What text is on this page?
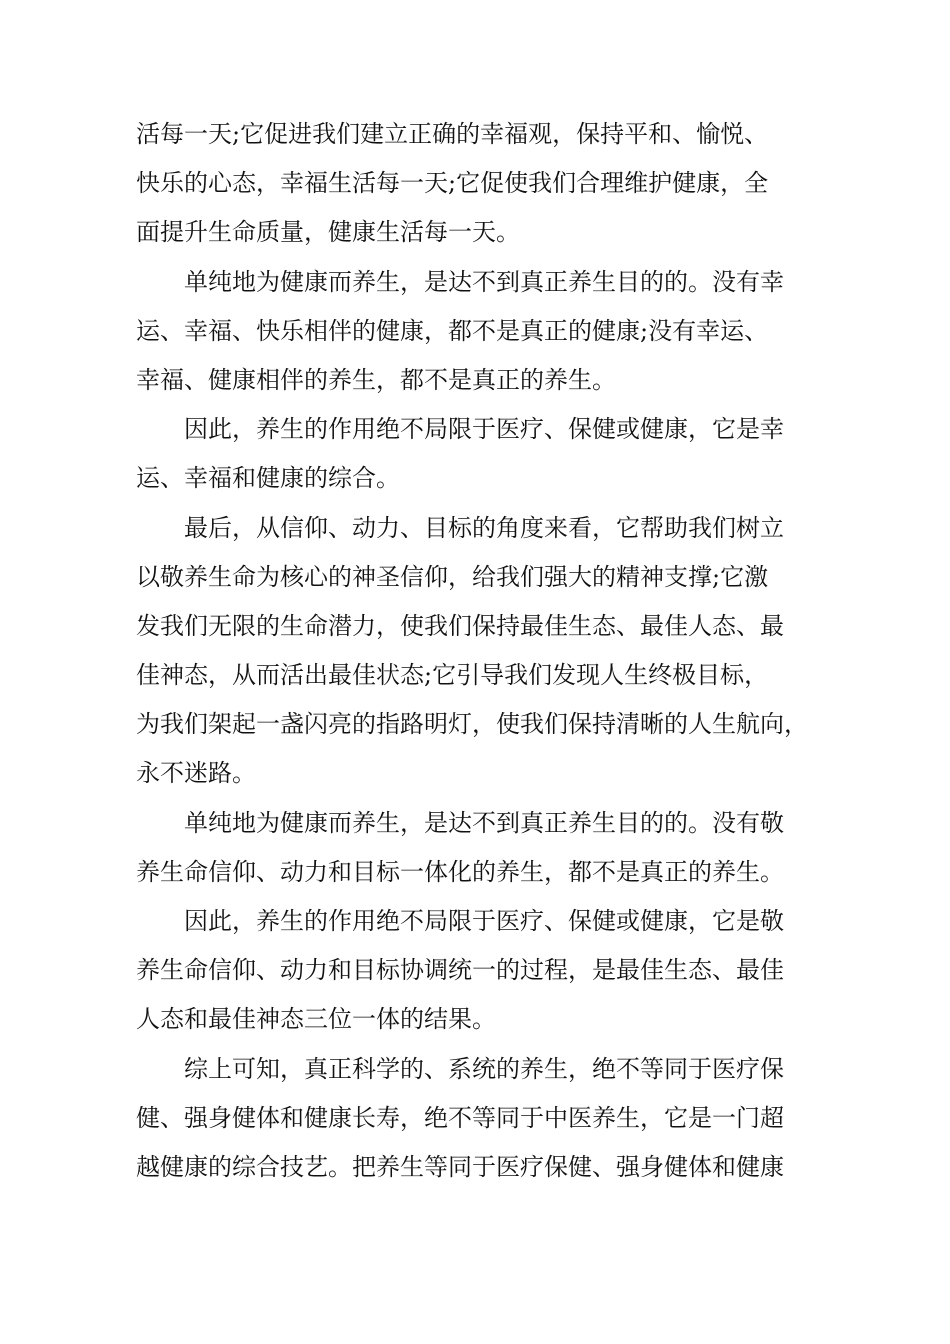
活每一天;它促进我们建立正确的幸福观，保持平和、愉悦、
快乐的心态，幸福生活每一天;它促使我们合理维护健康，全
面提升生命质量，健康生活每一天。
单纯地为健康而养生，是达不到真正养生目的的。没有幸
运、幸福、快乐相伴的健康，都不是真正的健康;没有幸运、
幸福、健康相伴的养生，都不是真正的养生。
因此，养生的作用绝不局限于医疗、保健或健康，它是幸
运、幸福和健康的综合。
最后，从信仰、动力、目标的角度来看，它帮助我们树立
以敬养生命为核心的神圣信仰，给我们强大的精神支撑;它激
发我们无限的生命潜力，使我们保持最佳生态、最佳人态、最
佳神态，从而活出最佳状态;它引导我们发现人生终极目标，
为我们架起一盏闪亮的指路明灯，使我们保持清晰的人生航向，
永不迷路。
单纯地为健康而养生，是达不到真正养生目的的。没有敬
养生命信仰、动力和目标一体化的养生，都不是真正的养生。
因此，养生的作用绝不局限于医疗、保健或健康，它是敬
养生命信仰、动力和目标协调统一的过程，是最佳生态、最佳
人态和最佳神态三位一体的结果。
综上可知，真正科学的、系统的养生，绝不等同于医疗保
健、强身健体和健康长寿，绝不等同于中医养生，它是一门超
越健康的综合技艺。把养生等同于医疗保健、强身健体和健康
